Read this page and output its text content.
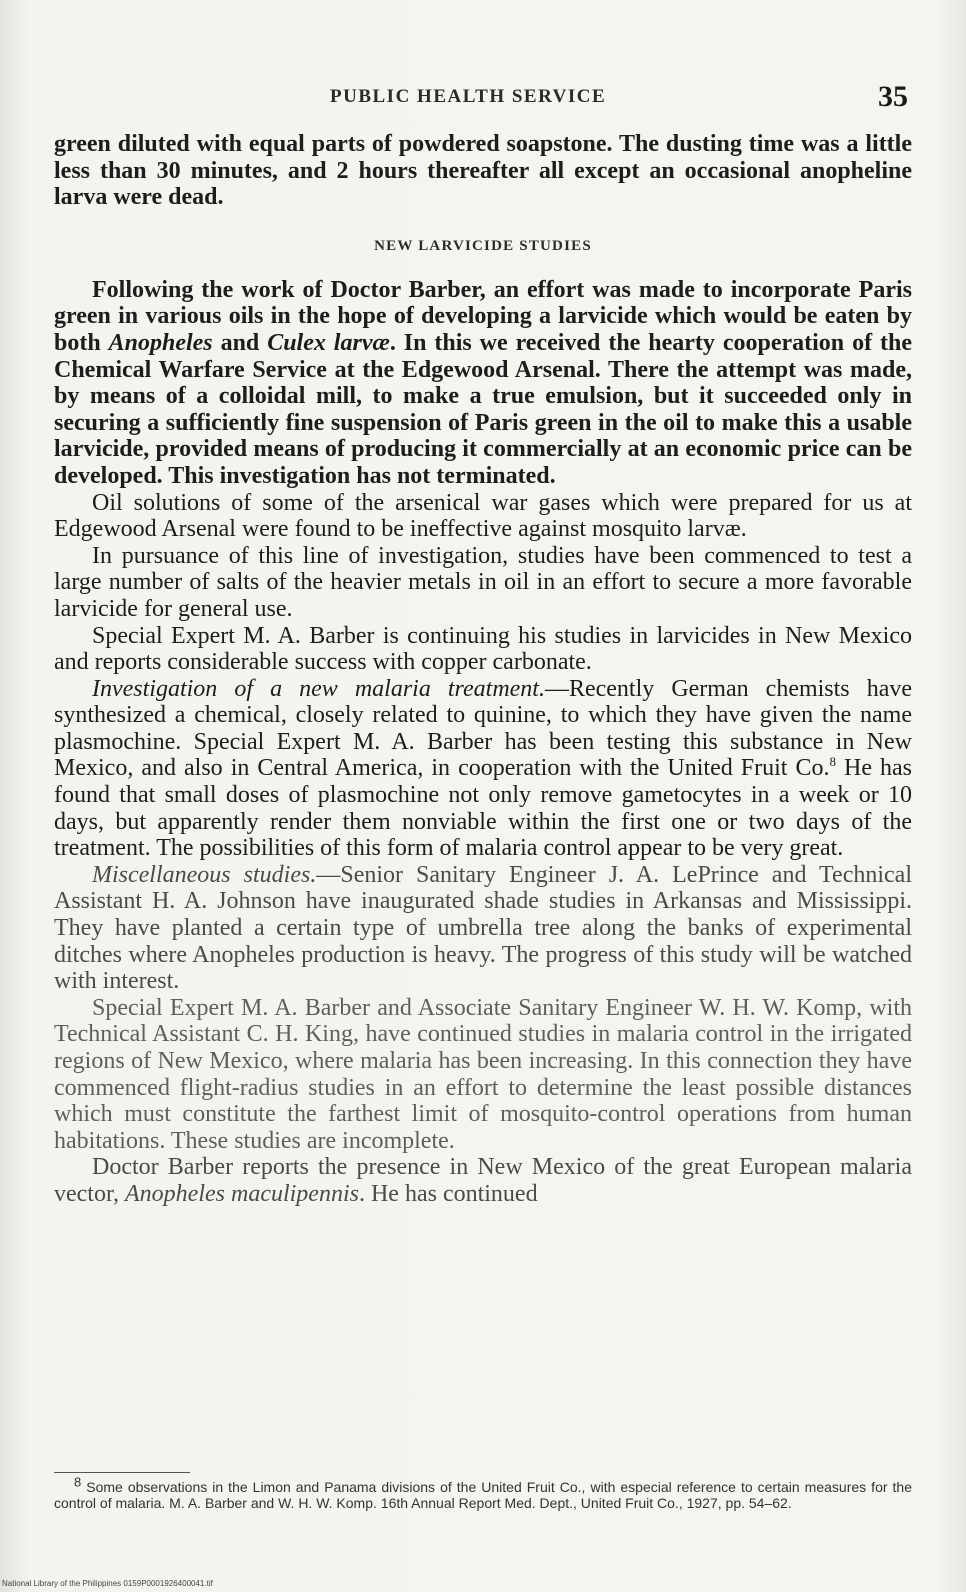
PUBLIC HEALTH SERVICE	35

green diluted with equal parts of powdered soapstone. The dusting time was a little less than 30 minutes, and 2 hours thereafter all except an occasional anopheline larva were dead.

NEW LARVICIDE STUDIES

Following the work of Doctor Barber, an effort was made to incorporate Paris green in various oils in the hope of developing a larvicide which would be eaten by both Anopheles and Culex larvæ. In this we received the hearty cooperation of the Chemical Warfare Service at the Edgewood Arsenal. There the attempt was made, by means of a colloidal mill, to make a true emulsion, but it succeeded only in securing a sufficiently fine suspension of Paris green in the oil to make this a usable larvicide, provided means of producing it commercially at an economic price can be developed. This investigation has not terminated.

Oil solutions of some of the arsenical war gases which were prepared for us at Edgewood Arsenal were found to be ineffective against mosquito larvæ.

In pursuance of this line of investigation, studies have been commenced to test a large number of salts of the heavier metals in oil in an effort to secure a more favorable larvicide for general use.

Special Expert M. A. Barber is continuing his studies in larvicides in New Mexico and reports considerable success with copper carbonate.

Investigation of a new malaria treatment.—Recently German chemists have synthesized a chemical, closely related to quinine, to which they have given the name plasmochine. Special Expert M. A. Barber has been testing this substance in New Mexico, and also in Central America, in cooperation with the United Fruit Co.$^8$ He has found that small doses of plasmochine not only remove gametocytes in a week or 10 days, but apparently render them nonviable within the first one or two days of the treatment. The possibilities of this form of malaria control appear to be very great.

Miscellaneous studies.—Senior Sanitary Engineer J. A. LePrince and Technical Assistant H. A. Johnson have inaugurated shade studies in Arkansas and Mississippi. They have planted a certain type of umbrella tree along the banks of experimental ditches where Anopheles production is heavy. The progress of this study will be watched with interest.

Special Expert M. A. Barber and Associate Sanitary Engineer W. H. W. Komp, with Technical Assistant C. H. King, have continued studies in malaria control in the irrigated regions of New Mexico, where malaria has been increasing. In this connection they have commenced flight-radius studies in an effort to determine the least possible distances which must constitute the farthest limit of mosquito-control operations from human habitations. These studies are incomplete.

Doctor Barber reports the presence in New Mexico of the great European malaria vector, Anopheles maculipennis. He has continued

$^8$ Some observations in the Limon and Panama divisions of the United Fruit Co., with especial reference to certain measures for the control of malaria. M. A. Barber and W. H. W. Komp. 16th Annual Report Med. Dept., United Fruit Co., 1927, pp. 54–62.

National Library of the Philippines 0159P0001926400041.tif
